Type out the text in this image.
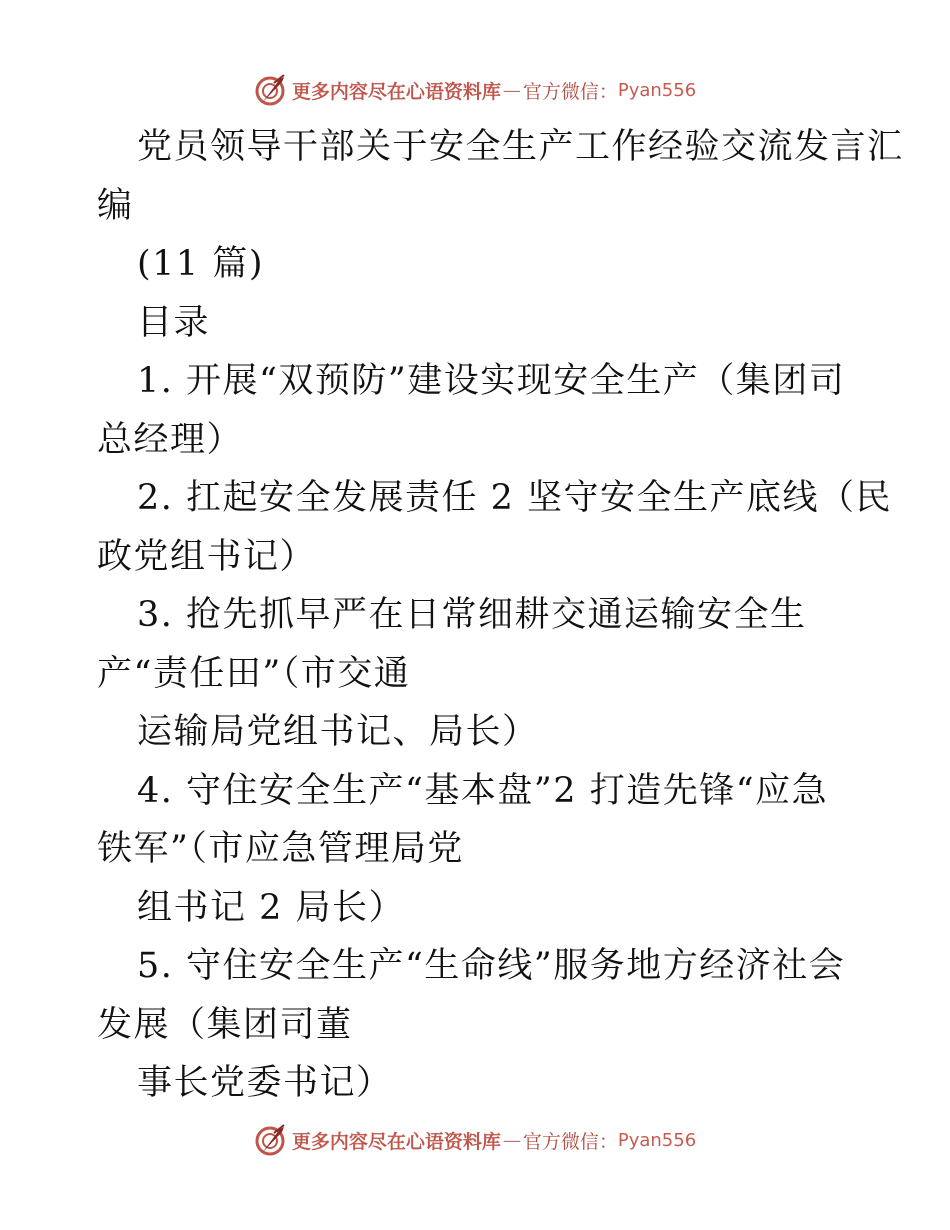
更多内容尽在心语资料库 — 官方微信： Pyan556
党员领导干部关于安全生产工作经验交流发言汇
编
(11 篇)
目录
1. 开展“双预防”建设实现安全生产（集团司
总经理）
2. 扛起安全发展责任 2 坚守安全生产底线（民
政党组书记）
3. 抢先抓早严在日常细耕交通运输安全生
产“责任田”（市交通
运输局党组书记、局长）
4. 守住安全生产“基本盘”2 打造先锋“应急
铁军”（市应急管理局党
组书记 2 局长）
5. 守住安全生产“生命线”服务地方经济社会
发展（集团司董
事长党委书记）
更多内容尽在心语资料库 — 官方微信： Pyan556
